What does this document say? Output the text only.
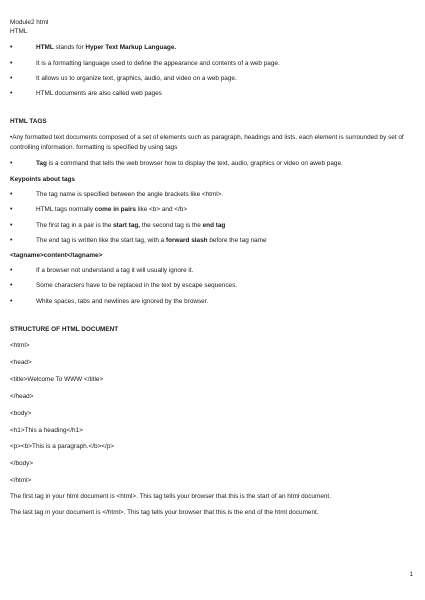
Module2 html
HTML
•	HTML stands for Hyper Text Markup Language.
•	It is a formatting language used to define the appearance and contents of a web page.
•	It allows us to organize text, graphics, audio, and video on a web page.
•	HTML documents are also called web pages
HTML TAGS
•Any formatted text documents composed of a set of elements such as paragraph, headings and lists. each element is surrounded by set of controlling information. formatting is specified by using tags
•	Tag is a command that tells the web browser how to display the text, audio, graphics or video on aweb page.
Keypoints about tags
•	The tag name is specified between the angle brackets like <html>.
•	HTML tags normally come in pairs like <b> and </b>
•	The first tag in a pair is the start tag, the second tag is the end tag
•	The end tag is written like the start tag, with a forward slash before the tag name
<tagname>content</tagname>
•	If a browser not understand a tag it will usually ignore it.
•	Some characters have to be replaced in the text by escape sequences.
•	White spaces, tabs and newlines are ignored by the browser.
STRUCTURE OF HTML DOCUMENT
<html>
<head>
<title>Welcome To WWW </title>
</head>
<body>
<h1>This a heading</h1>
<p><b>This is a paragraph.</b></p>
</body>
</html>
The first tag in your html document is <html>. This tag tells your browser that this is the start of an html document.
The last tag in your document is </html>. This tag tells your browser that this is the end of the html document.
1
